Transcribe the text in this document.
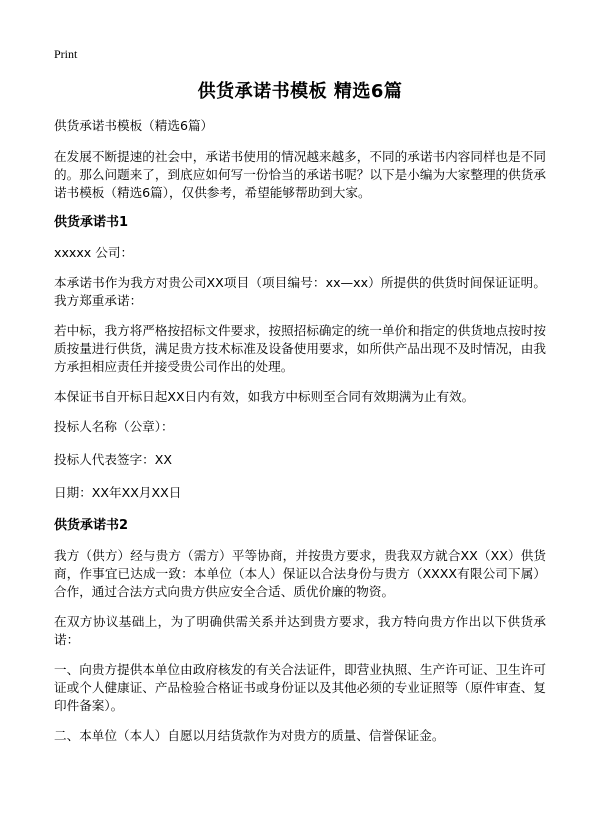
Print
供货承诺书模板 精选6篇

供货承诺书模板（精选6篇）

在发展不断提速的社会中，承诺书使用的情况越来越多，不同的承诺书内容同样也是不同的。那么问题来了，到底应如何写一份恰当的承诺书呢？以下是小编为大家整理的供货承诺书模板（精选6篇），仅供参考，希望能够帮助到大家。

供货承诺书1

xxxxx 公司：

本承诺书作为我方对贵公司XX项目（项目编号：xx—xx）所提供的供货时间保证证明。我方郑重承诺：

若中标，我方将严格按招标文件要求，按照招标确定的统一单价和指定的供货地点按时按质按量进行供货，满足贵方技术标准及设备使用要求，如所供产品出现不及时情况，由我方承担相应责任并接受贵公司作出的处理。

本保证书自开标日起XX日内有效，如我方中标则至合同有效期满为止有效。

投标人名称（公章）：

投标人代表签字：XX

日期：XX年XX月XX日

供货承诺书2

我方（供方）经与贵方（需方）平等协商，并按贵方要求，贵我双方就合XX（XX）供货商，作事宜已达成一致：本单位（本人）保证以合法身份与贵方（XXXX有限公司下属）合作，通过合法方式向贵方供应安全合适、质优价廉的物资。

在双方协议基础上，为了明确供需关系并达到贵方要求，我方特向贵方作出以下供货承诺：

一、向贵方提供本单位由政府核发的有关合法证件，即营业执照、生产许可证、卫生许可证或个人健康证、产品检验合格证书或身份证以及其他必须的专业证照等（原件审查、复印件备案）。

二、本单位（本人）自愿以月结货款作为对贵方的质量、信誉保证金。
